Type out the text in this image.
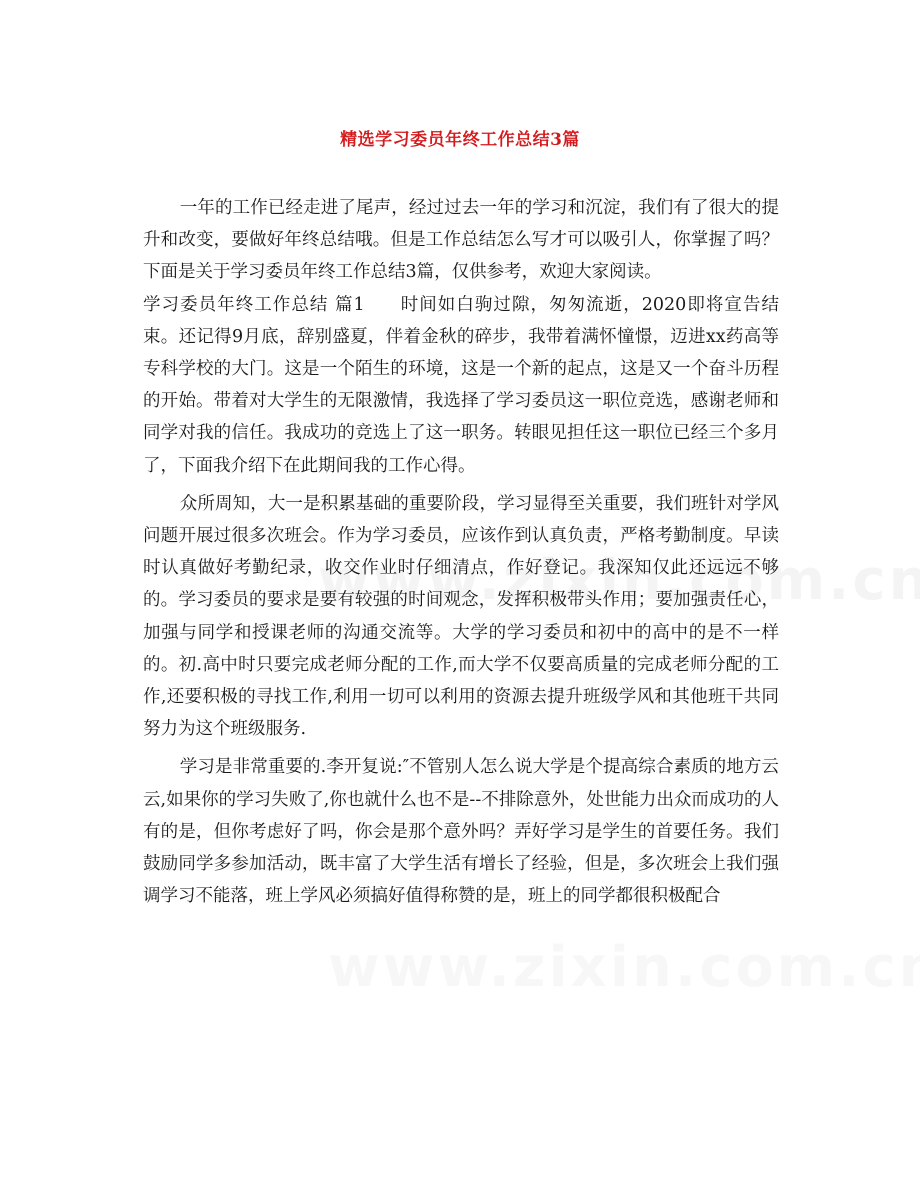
精选学习委员年终工作总结3篇

一年的工作已经走进了尾声，经过过去一年的学习和沉淀，我们有了很大的提升和改变，要做好年终总结哦。但是工作总结怎么写才可以吸引人，你掌握了吗？下面是关于学习委员年终工作总结3篇，仅供参考，欢迎大家阅读。

学习委员年终工作总结 篇1   时间如白驹过隙，匆匆流逝，2020即将宣告结束。还记得9月底，辞别盛夏，伴着金秋的碎步，我带着满怀憧憬，迈进xx药高等专科学校的大门。这是一个陌生的环境，这是一个新的起点，这是又一个奋斗历程的开始。带着对大学生的无限激情，我选择了学习委员这一职位竞选，感谢老师和同学对我的信任。我成功的竞选上了这一职务。转眼见担任这一职位已经三个多月了，下面我介绍下在此期间我的工作心得。

众所周知，大一是积累基础的重要阶段，学习显得至关重要，我们班针对学风问题开展过很多次班会。作为学习委员，应该作到认真负责，严格考勤制度。早读时认真做好考勤纪录，收交作业时仔细清点，作好登记。我深知仅此还远远不够的。学习委员的要求是要有较强的时间观念，发挥积极带头作用；要加强责任心，加强与同学和授课老师的沟通交流等。大学的学习委员和初中的高中的是不一样的。初.高中时只要完成老师分配的工作,而大学不仅要高质量的完成老师分配的工作,还要积极的寻找工作,利用一切可以利用的资源去提升班级学风和其他班干共同努力为这个班级服务.

学习是非常重要的.李开复说:″不管别人怎么说大学是个提高综合素质的地方云云,如果你的学习失败了,你也就什么也不是--不排除意外，处世能力出众而成功的人有的是，但你考虑好了吗，你会是那个意外吗？弄好学习是学生的首要任务。我们鼓励同学多参加活动，既丰富了大学生活有增长了经验，但是，多次班会上我们强调学习不能落，班上学风必须搞好值得称赞的是，班上的同学都很积极配合
